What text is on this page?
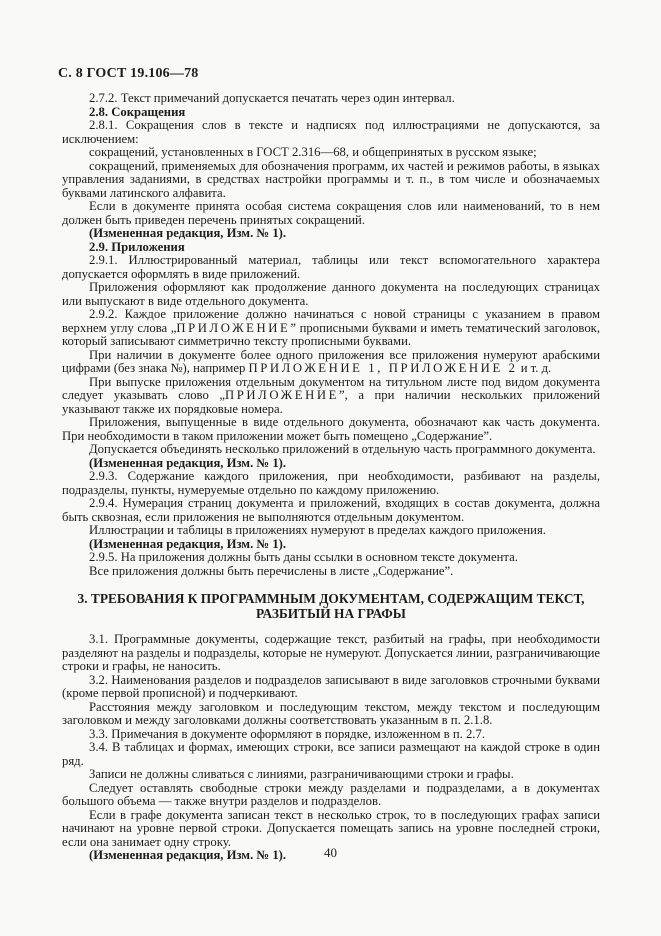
С. 8 ГОСТ 19.106—78

2.7.2. Текст примечаний допускается печатать через один интервал.

2.8. Сокращения

2.8.1. Сокращения слов в тексте и надписях под иллюстрациями не допускаются, за исключением:

сокращений, установленных в ГОСТ 2.316—68, и общепринятых в русском языке;

сокращений, применяемых для обозначения программ, их частей и режимов работы, в языках управления заданиями, в средствах настройки программы и т. п., в том числе и обозначаемых буквами латинского алфавита.

Если в документе принята особая система сокращения слов или наименований, то в нем должен быть приведен перечень принятых сокращений.

(Измененная редакция, Изм. № 1).

2.9. Приложения

2.9.1. Иллюстрированный материал, таблицы или текст вспомогательного характера допускается оформлять в виде приложений.

Приложения оформляют как продолжение данного документа на последующих страницах или выпускают в виде отдельного документа.

2.9.2. Каждое приложение должно начинаться с новой страницы с указанием в правом верхнем углу слова „ПРИЛОЖЕНИЕ” прописными буквами и иметь тематический заголовок, который записывают симметрично тексту прописными буквами.

При наличии в документе более одного приложения все приложения нумеруют арабскими цифрами (без знака №), например ПРИЛОЖЕНИЕ 1, ПРИЛОЖЕНИЕ 2 и т. д.

При выпуске приложения отдельным документом на титульном листе под видом документа следует указывать слово „ПРИЛОЖЕНИЕ”, а при наличии нескольких приложений указывают также их порядковые номера.

Приложения, выпущенные в виде отдельного документа, обозначают как часть документа. При необходимости в таком приложении может быть помещено „Содержание”.

Допускается объединять несколько приложений в отдельную часть программного документа.

(Измененная редакция, Изм. № 1).

2.9.3. Содержание каждого приложения, при необходимости, разбивают на разделы, подразделы, пункты, нумеруемые отдельно по каждому приложению.

2.9.4. Нумерация страниц документа и приложений, входящих в состав документа, должна быть сквозная, если приложения не выполняются отдельным документом.

Иллюстрации и таблицы в приложениях нумеруют в пределах каждого приложения.

(Измененная редакция, Изм. № 1).

2.9.5. На приложения должны быть даны ссылки в основном тексте документа.

Все приложения должны быть перечислены в листе „Содержание”.

3. ТРЕБОВАНИЯ К ПРОГРАММНЫМ ДОКУМЕНТАМ, СОДЕРЖАЩИМ ТЕКСТ,
РАЗБИТЫЙ НА ГРАФЫ

3.1. Программные документы, содержащие текст, разбитый на графы, при необходимости разделяют на разделы и подразделы, которые не нумеруют. Допускается линии, разграничивающие строки и графы, не наносить.

3.2. Наименования разделов и подразделов записывают в виде заголовков строчными буквами (кроме первой прописной) и подчеркивают.

Расстояния между заголовком и последующим текстом, между текстом и последующим заголовком и между заголовками должны соответствовать указанным в п. 2.1.8.

3.3. Примечания в документе оформляют в порядке, изложенном в п. 2.7.

3.4. В таблицах и формах, имеющих строки, все записи размещают на каждой строке в один ряд.

Записи не должны сливаться с линиями, разграничивающими строки и графы.

Следует оставлять свободные строки между разделами и подразделами, а в документах большого объема — также внутри разделов и подразделов.

Если в графе документа записан текст в несколько строк, то в последующих графах записи начинают на уровне первой строки. Допускается помещать запись на уровне последней строки, если она занимает одну строку.

(Измененная редакция, Изм. № 1).	40
